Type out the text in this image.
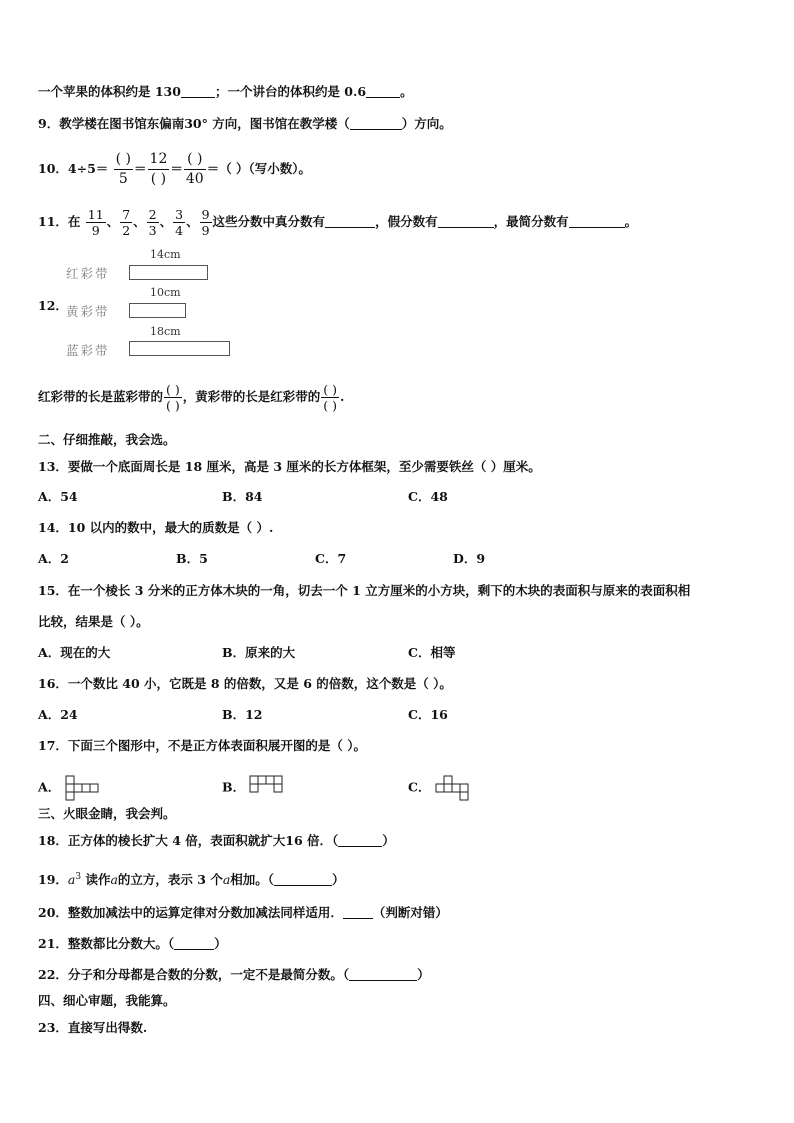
一个苹果的体积约是 130	；一个讲台的体积约是 0.6	。
9．教学楼在图书馆东偏南30° 方向，图书馆在教学楼（	）方向。
10．$4\div 5= \frac{( )}{5} = \frac{12}{( )} = \frac{( )}{40}$ ＝（ ）（写小数）。
11．在 $\frac{11}{9}$ 、 $\frac{7}{2}$ 、 $\frac{2}{3}$ 、 $\frac{3}{4}$ 、 $\frac{9}{9}$ 这些分数中真分数有	，假分数有	，最简分数有	。
12．
14cm
红彩带
10cm
黄彩带
18cm
蓝彩带
红彩带的长是蓝彩带的 $\frac{( )}{( )}$ ，黄彩带的长是红彩带的 $\frac{( )}{( )}$ .
二、仔细推敲，我会选。
13．要做一个底面周长是 18 厘米，高是 3 厘米的长方体框架，至少需要铁丝（ ）厘米。
A．54	B．84	C．48
14．10 以内的数中，最大的质数是（ ）.
A．2	B．5	C．7	D．9
15．在一个棱长 3 分米的正方体木块的一角，切去一个 1 立方厘米的小方块，剩下的木块的表面积与原来的表面积相
比较，结果是（ ）。
A．现在的大	B．原来的大	C．相等
16．一个数比 40 小，它既是 8 的倍数，又是 6 的倍数，这个数是（ ）。
A．24	B．12	C．16
17．下面三个图形中，不是正方体表面积展开图的是（ ）。
A．	B．	C．
三、火眼金睛，我会判。
18．正方体的棱长扩大 4 倍，表面积就扩大16 倍．（	）
19．$a^3$ 读作a的立方，表示 3 个a相加。（	）
20．整数加减法中的运算定律对分数加减法同样适用． （判断对错）
21．整数都比分数大。（	）
22．分子和分母都是合数的分数，一定不是最简分数。（	）
四、细心审题，我能算。
23．直接写出得数.
